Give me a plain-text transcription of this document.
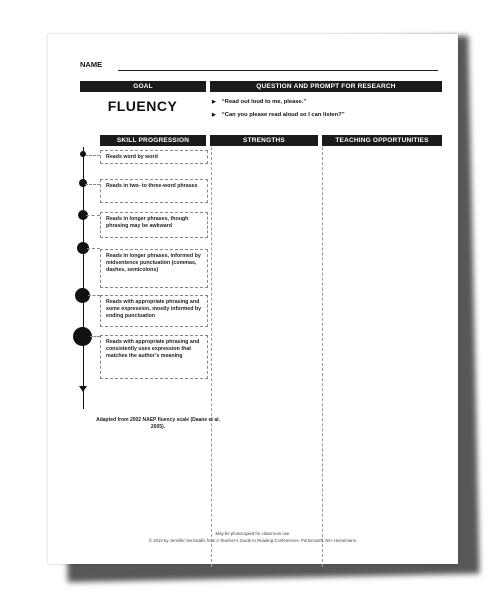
NAME
GOAL	QUESTION AND PROMPT FOR RESEARCH
FLUENCY	▶ “Read out loud to me, please.”
▶ “Can you please read aloud so I can listen?”
SKILL PROGRESSION	STRENGTHS	TEACHING OPPORTUNITIES
Reads word by word
Reads in two- to three-word phrases
Reads in longer phrases, though phrasing may be awkward
Reads in longer phrases, informed by midsentence punctuation (commas, dashes, semicolons)
Reads with appropriate phrasing and some expression, mostly informed by ending punctuation
Reads with appropriate phrasing and consistently uses expression that matches the author’s meaning
Adapted from 2002 NAEP fluency scale (Daane et al. 2005).
May be photocopied for classroom use.
© 2019 by Jennifer Serravallo from A Teacher’s Guide to Reading Conferences. Portsmouth, NH: Heinemann.
